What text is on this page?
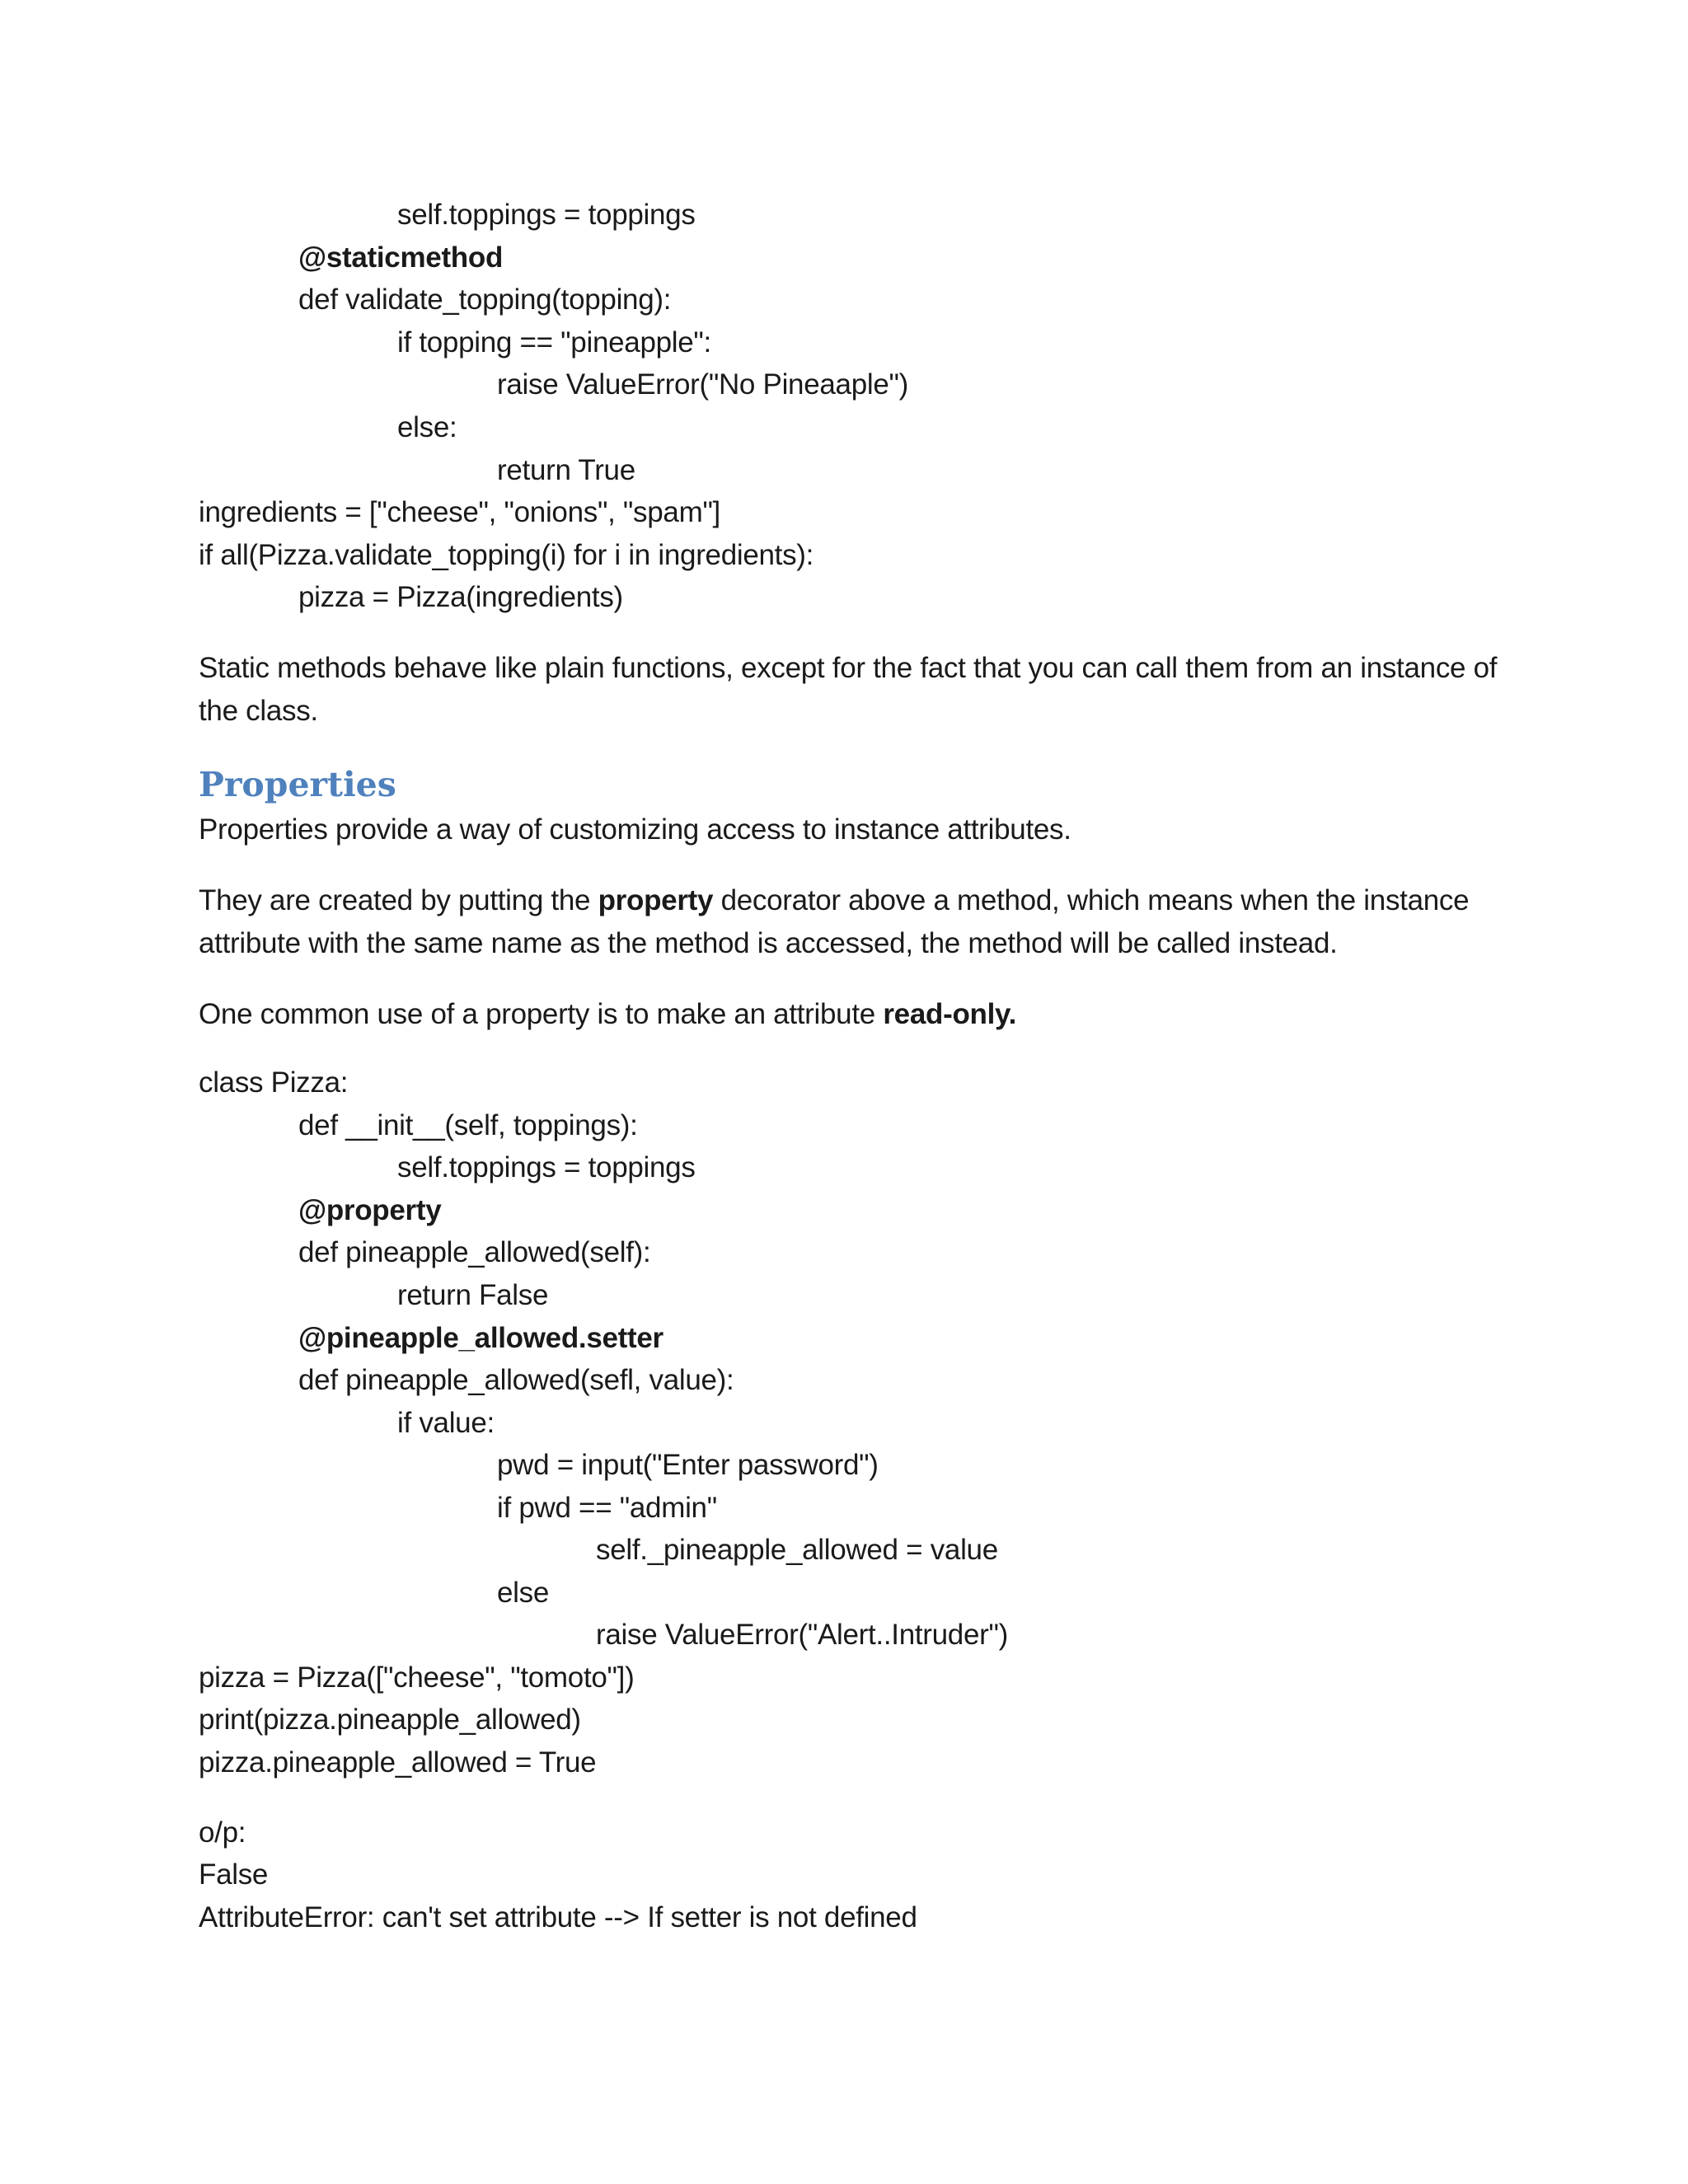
self.toppings = toppings
@staticmethod
def validate_topping(topping):
if topping == "pineapple":
raise ValueError("No Pineaaple")
else:
return True
ingredients = ["cheese", "onions", "spam"]
if all(Pizza.validate_topping(i) for i in ingredients):
pizza = Pizza(ingredients)
Static methods behave like plain functions, except for the fact that you can call them from an instance of
the class.
Properties
Properties provide a way of customizing access to instance attributes.
They are created by putting the property decorator above a method, which means when the instance
attribute with the same name as the method is accessed, the method will be called instead.
One common use of a property is to make an attribute read-only.
class Pizza:
def __init__(self, toppings):
self.toppings = toppings
@property
def pineapple_allowed(self):
return False
@pineapple_allowed.setter
def pineapple_allowed(sefl, value):
if value:
pwd = input("Enter password")
if pwd == "admin"
self._pineapple_allowed = value
else
raise ValueError("Alert..Intruder")
pizza = Pizza(["cheese", "tomoto"])
print(pizza.pineapple_allowed)
pizza.pineapple_allowed = True
o/p:
False
AttributeError: can't set attribute --> If setter is not defined
